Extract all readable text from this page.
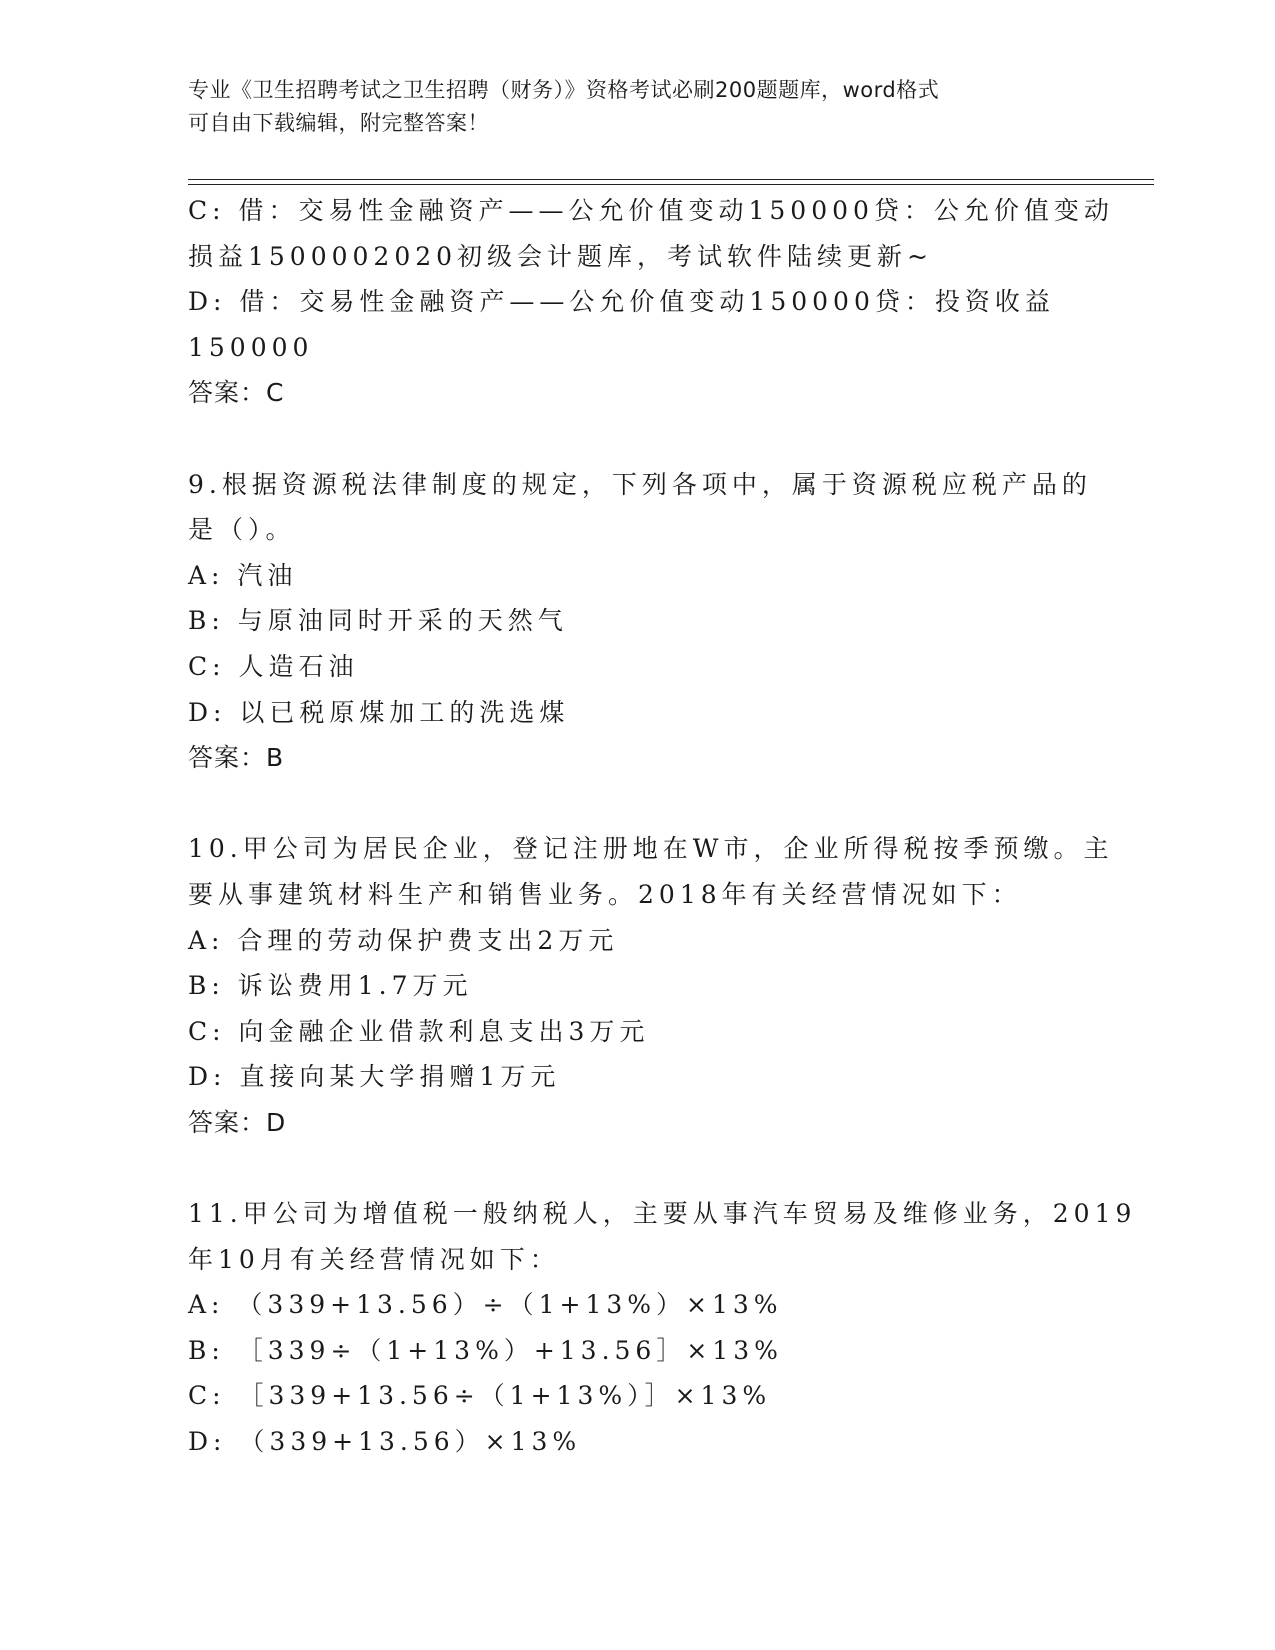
专业《卫生招聘考试之卫生招聘（财务）》资格考试必刷200题题库，word格式
可自由下载编辑，附完整答案！
C: 借：交易性金融资产——公允价值变动150000贷：公允价值变动
损益1500002020初级会计题库，考试软件陆续更新~
D: 借：交易性金融资产——公允价值变动150000贷：投资收益
150000
答案：C
9.根据资源税法律制度的规定，下列各项中，属于资源税应税产品的
是（）。
A: 汽油
B: 与原油同时开采的天然气
C: 人造石油
D: 以已税原煤加工的洗选煤
答案：B
10.甲公司为居民企业，登记注册地在W市，企业所得税按季预缴。主
要从事建筑材料生产和销售业务。2018年有关经营情况如下：
A: 合理的劳动保护费支出2万元
B: 诉讼费用1.7万元
C: 向金融企业借款利息支出3万元
D: 直接向某大学捐赠1万元
答案：D
11.甲公司为增值税一般纳税人，主要从事汽车贸易及维修业务，2019
年10月有关经营情况如下：
A: （339+13.56）÷（1+13%）×13%
B: ［339÷（1+13%）+13.56］×13%
C: ［339+13.56÷（1+13%）］×13%
D: （339+13.56）×13%
